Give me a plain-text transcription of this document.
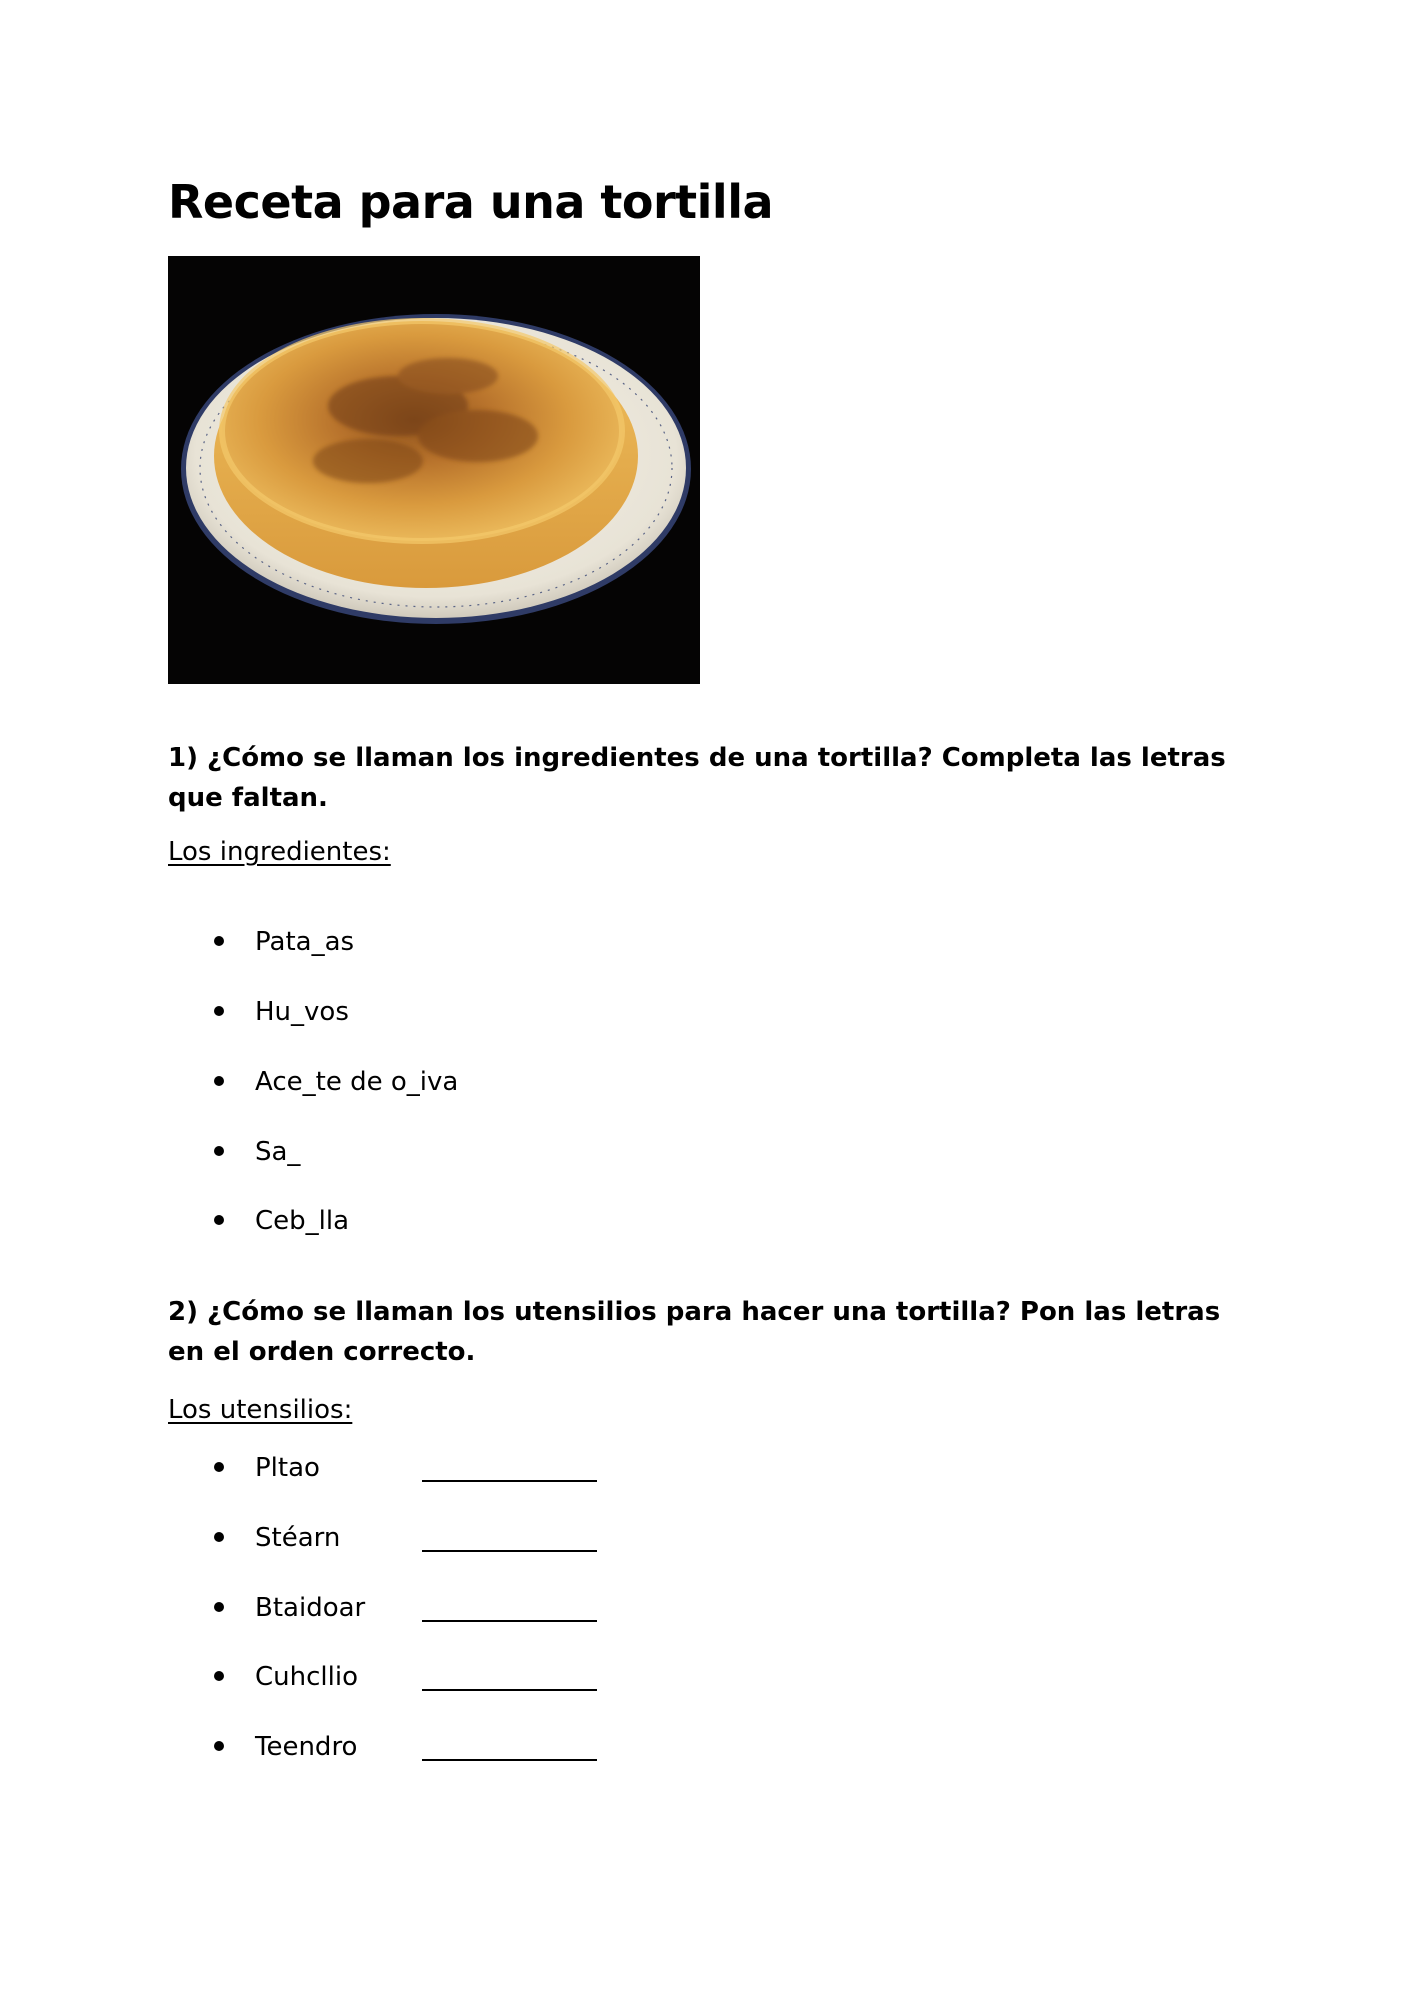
Receta para una tortilla

1) ¿Cómo se llaman los ingredientes de una tortilla? Completa las letras que faltan.

Los ingredientes:

Pata_as
Hu_vos
Ace_te de o_iva
Sa_
Ceb_lla

2) ¿Cómo se llaman los utensilios para hacer una tortilla? Pon las letras en el orden correcto.

Los utensilios:

Pltao
Stéarn
Btaidoar
Cuhcllio
Teendro
